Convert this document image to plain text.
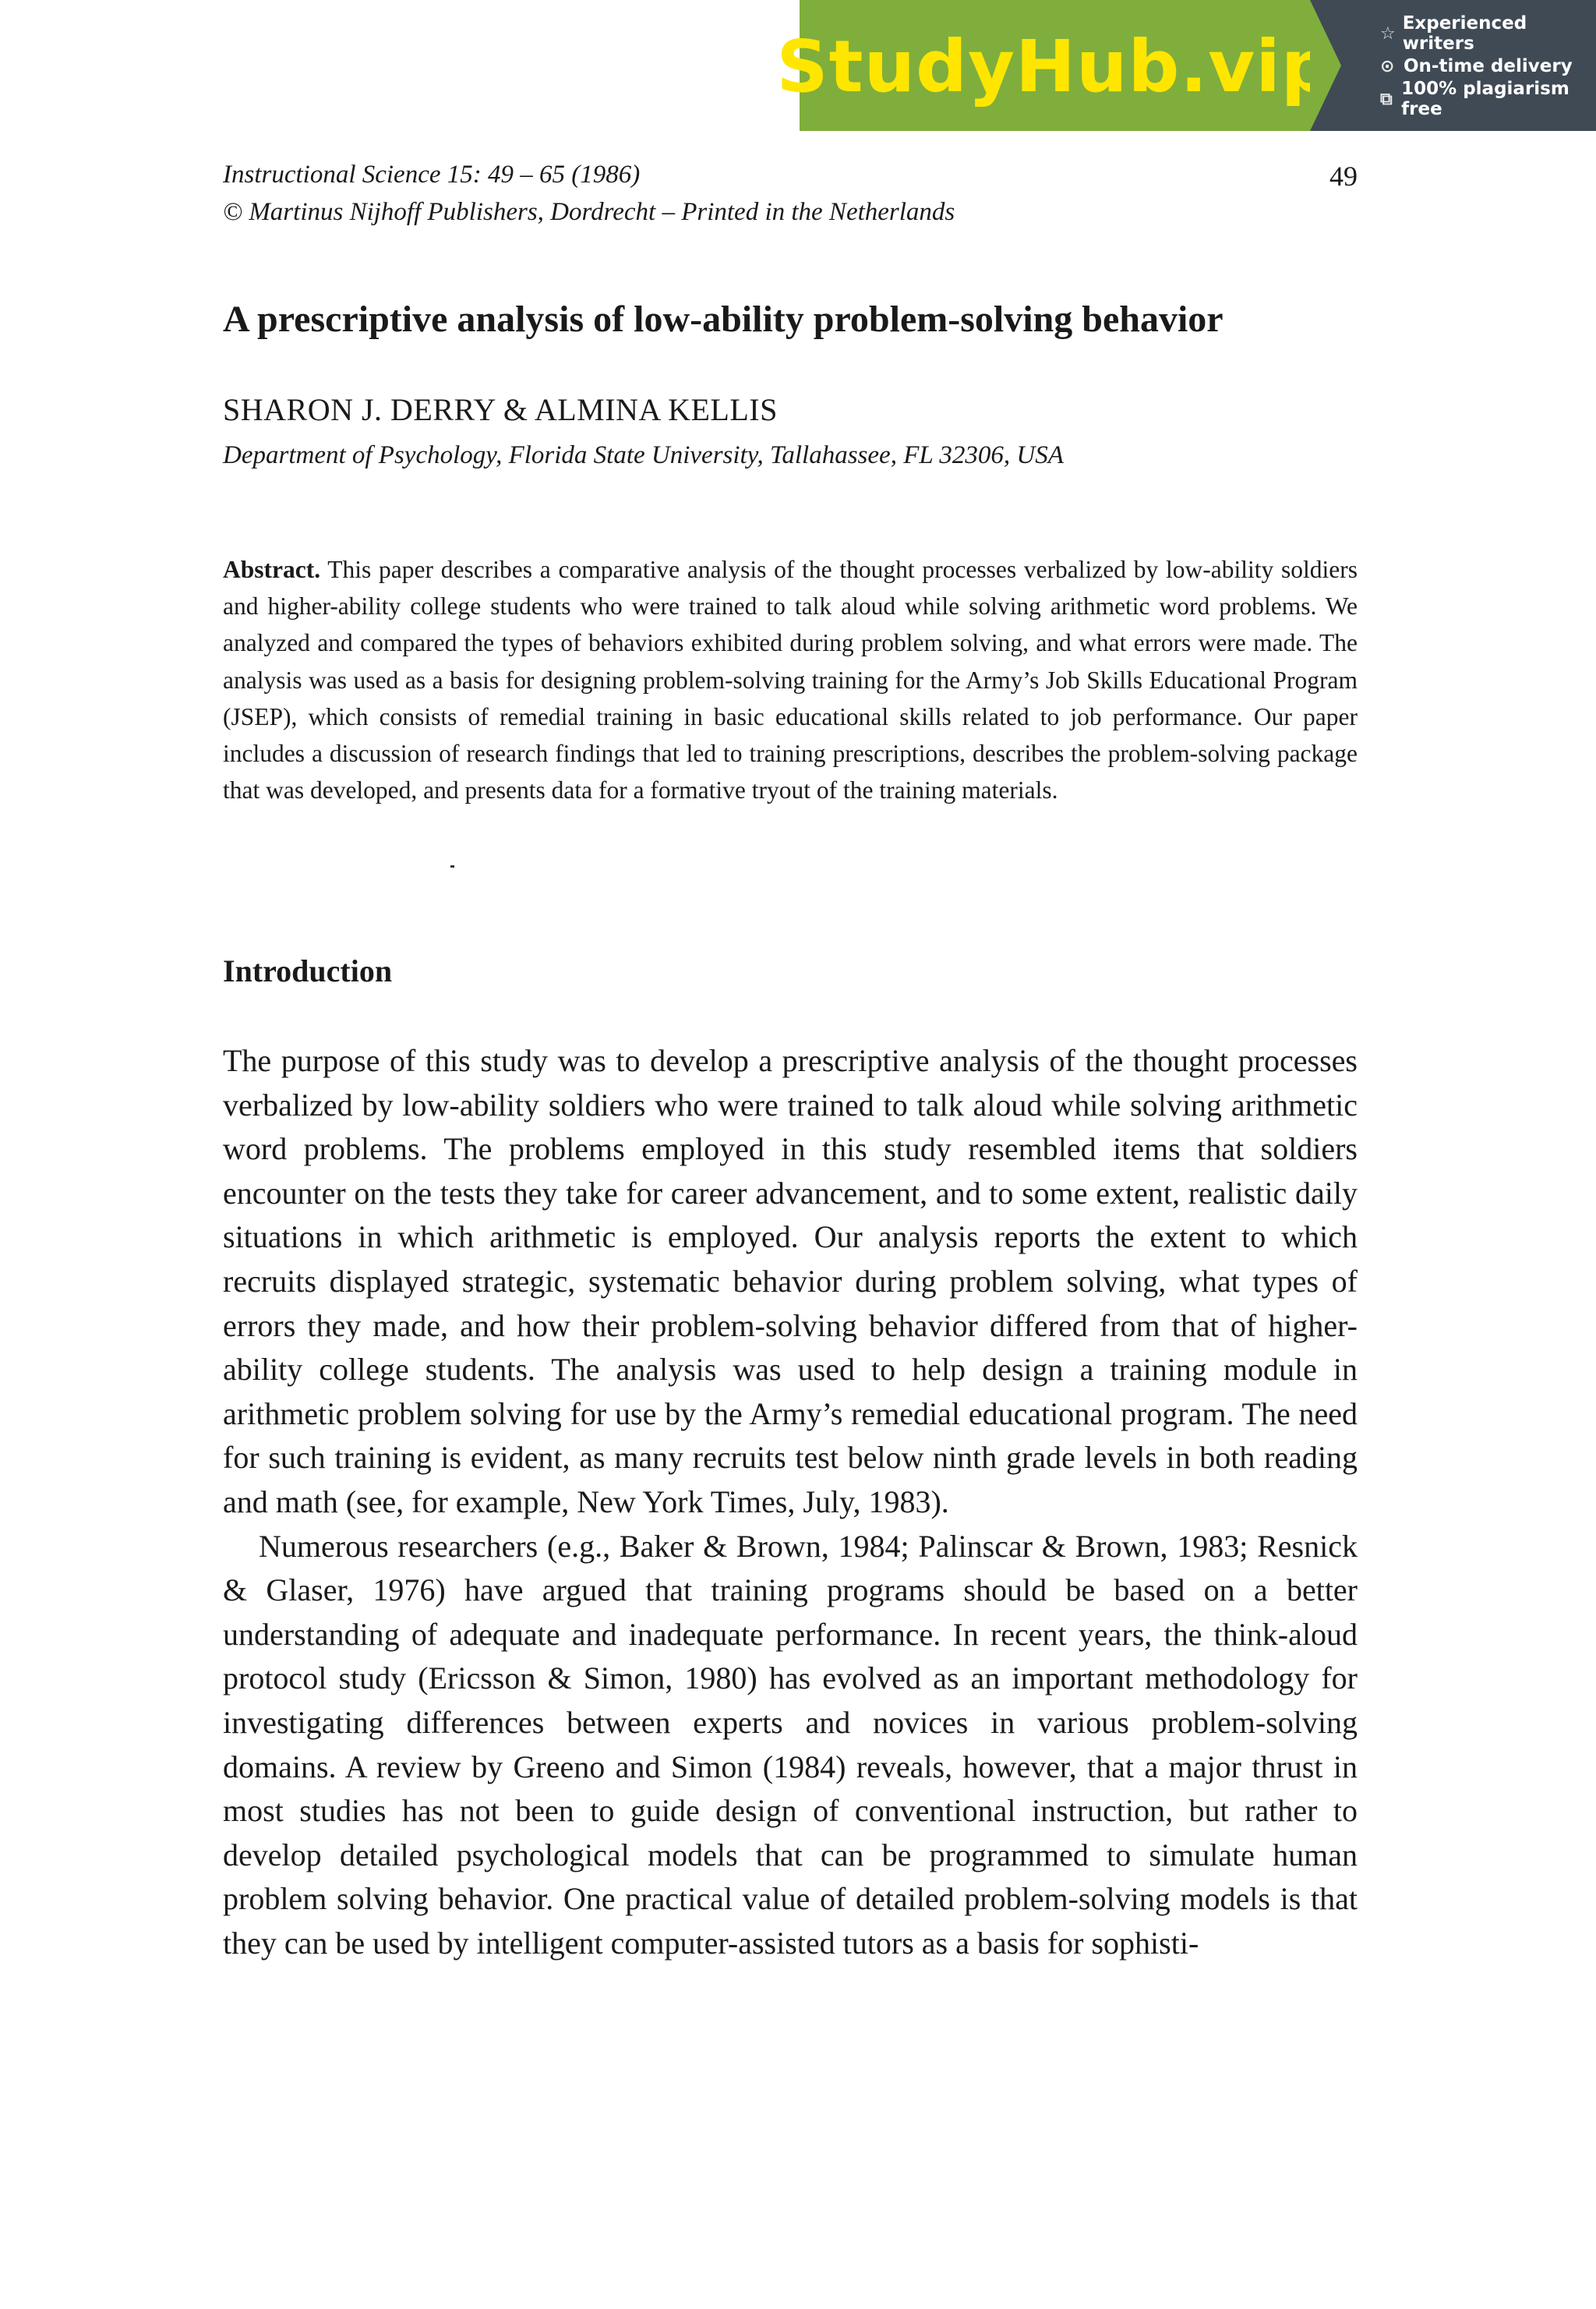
StudyHub.vip	☆ Experienced writers
⊙ On-time delivery
⧉ 100% plagiarism free
Instructional Science 15: 49 – 65 (1986)
© Martinus Nijhoff Publishers, Dordrecht – Printed in the Netherlands
49
A prescriptive analysis of low-ability problem-solving behavior
SHARON J. DERRY & ALMINA KELLIS
Department of Psychology, Florida State University, Tallahassee, FL 32306, USA

Abstract. This paper describes a comparative analysis of the thought processes verbalized by low-ability soldiers and higher-ability college students who were trained to talk aloud while solving arithmetic word problems. We analyzed and compared the types of behaviors exhibited during problem solving, and what errors were made. The analysis was used as a basis for designing problem-solving training for the Army’s Job Skills Educational Program (JSEP), which consists of remedial training in basic educational skills related to job performance. Our paper includes a discussion of research findings that led to training prescriptions, describes the problem-solving package that was developed, and presents data for a formative tryout of the training materials.

Introduction

The purpose of this study was to develop a prescriptive analysis of the thought processes verbalized by low-ability soldiers who were trained to talk aloud while solving arithmetic word problems. The problems employed in this study resembled items that soldiers encounter on the tests they take for career advancement, and to some extent, realistic daily situations in which arithmetic is employed. Our analysis reports the extent to which recruits displayed strategic, systematic behavior during problem solving, what types of errors they made, and how their problem-solving behavior differed from that of higher-ability college students. The analysis was used to help design a training module in arithmetic problem solving for use by the Army’s remedial educational program. The need for such training is evident, as many recruits test below ninth grade levels in both reading and math (see, for example, New York Times, July, 1983).

Numerous researchers (e.g., Baker & Brown, 1984; Palinscar & Brown, 1983; Resnick & Glaser, 1976) have argued that training programs should be based on a better understanding of adequate and inadequate performance. In recent years, the think-aloud protocol study (Ericsson & Simon, 1980) has evolved as an important methodology for investigating differences between experts and novices in various problem-solving domains. A review by Greeno and Simon (1984) reveals, however, that a major thrust in most studies has not been to guide design of conventional instruction, but rather to develop detailed psychological models that can be programmed to simulate human problem solving behavior. One practical value of detailed problem-solving models is that they can be used by intelligent computer-assisted tutors as a basis for sophisti-
